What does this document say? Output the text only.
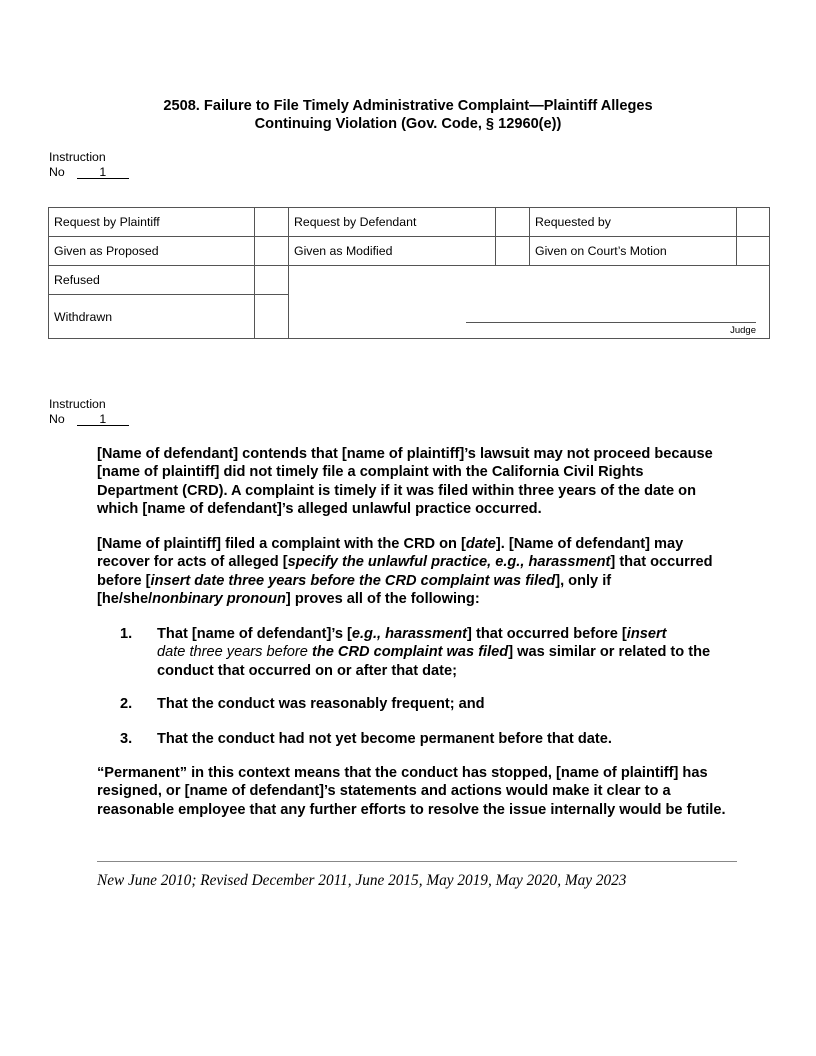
2508. Failure to File Timely Administrative Complaint—Plaintiff Alleges
Continuing Violation (Gov. Code, § 12960(e))
Instruction
No	1
Request by Plaintiff		Request by Defendant		Requested by	
Given as Proposed		Given as Modified		Given on Court’s Motion	
Refused		Judge			

Withdrawn					
Instruction
No	1

[Name of defendant] contends that [name of plaintiff]’s lawsuit may not proceed because [name of plaintiff] did not timely file a complaint with the California Civil Rights Department (CRD). A complaint is timely if it was filed within three years of the date on which [name of defendant]’s alleged unlawful practice occurred.

[Name of plaintiff] filed a complaint with the CRD on [date]. [Name of defendant] may recover for acts of alleged [specify the unlawful practice, e.g., harassment] that occurred before [insert date three years before the CRD complaint was filed], only if [he/she/nonbinary pronoun] proves all of the following:

1. That [name of defendant]’s [e.g., harassment] that occurred before [insert
date three years before the CRD complaint was filed] was similar or related to the conduct that occurred on or after that date;
2. That the conduct was reasonably frequent; and
3. That the conduct had not yet become permanent before that date.

“Permanent” in this context means that the conduct has stopped, [name of plaintiff] has resigned, or [name of defendant]’s statements and actions would make it clear to a reasonable employee that any further efforts to resolve the issue internally would be futile.

New June 2010; Revised December 2011, June 2015, May 2019, May 2020, May 2023
